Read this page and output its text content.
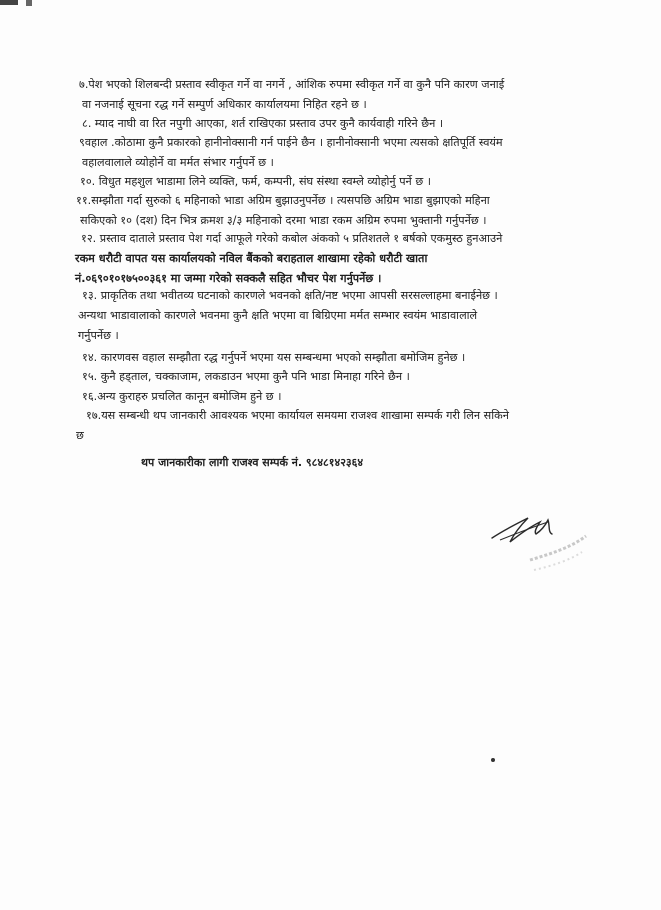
७.पेश भएको शिलबन्दी प्रस्ताव स्वीकृत गर्ने वा नगर्ने , आंशिक रुपमा स्वीकृत गर्ने वा कुनै पनि कारण जनाई
वा नजनाई सूचना रद्ध गर्ने सम्पुर्ण अधिकार कार्यालयमा निहित रहने छ ।
८. म्याद नाघी वा रित नपुगी आएका, शर्त राखिएका प्रस्ताव उपर कुनै कार्यवाही गरिने छैन ।
९वहाल .कोठामा कुनै प्रकारको हानीनोक्सानी गर्न पाईने छैन । हानीनोक्सानी भएमा त्यसको क्षतिपूर्ति स्वयंम
वहालवालाले व्योहोर्ने वा मर्मत संभार गर्नुपर्ने छ ।
१०. विधुत महशुल भाडामा लिने व्यक्ति, फर्म, कम्पनी, संघ संस्था स्वम्ले व्योहोर्नु पर्ने छ ।
११.सम्झौता गर्दा सुरुको ६ महिनाको भाडा अग्रिम बुझाउनुपर्नेछ । त्यसपछि अग्रिम भाडा बुझाएको महिना
सकिएको १० (दश) दिन भित्र क्रमश ३/३ महिनाको दरमा भाडा रकम अग्रिम रुपमा भुक्तानी गर्नुपर्नेछ ।
१२. प्रस्ताव दाताले प्रस्ताव पेश गर्दा आफूले गरेको कबोल अंकको ५ प्रतिशतले १ बर्षको एकमुस्ठ हुनआउने
रकम धरौटी वापत यस कार्यालयको नविल बैंकको बराहताल शाखामा रहेको धरौटी खाता
नं.०६९०१०१७५००३६१ मा जम्मा गरेको सक्कलै सहित भौचर पेश गर्नुपर्नेछ ।
१३. प्राकृतिक तथा भवीतव्य घटनाको कारणले भवनको क्षति/नष्ट भएमा आपसी सरसल्लाहमा बनाईनेछ ।
अन्यथा भाडावालाको कारणले भवनमा कुनै क्षति भएमा वा बिग्रिएमा मर्मत सम्भार स्वयंम भाडावालाले
गर्नुपर्नेछ ।
१४. कारणवस वहाल सम्झौता रद्ध गर्नुपर्ने भएमा यस सम्बन्धमा भएको सम्झौता बमोजिम हुनेछ ।
१५. कुनै हड्ताल, चक्काजाम, लकडाउन भएमा कुनै पनि भाडा मिनाहा गरिने छैन ।
१६.अन्य कुराहरु प्रचलित कानून बमोजिम हुने छ ।
१७.यस सम्बन्धी थप जानकारी आवश्यक भएमा कार्यायल समयमा राजश्व शाखामा सम्पर्क गरी लिन सकिने
छ
थप जानकारीका लागी राजश्व सम्पर्क नं. ९८४८१४२३६४
